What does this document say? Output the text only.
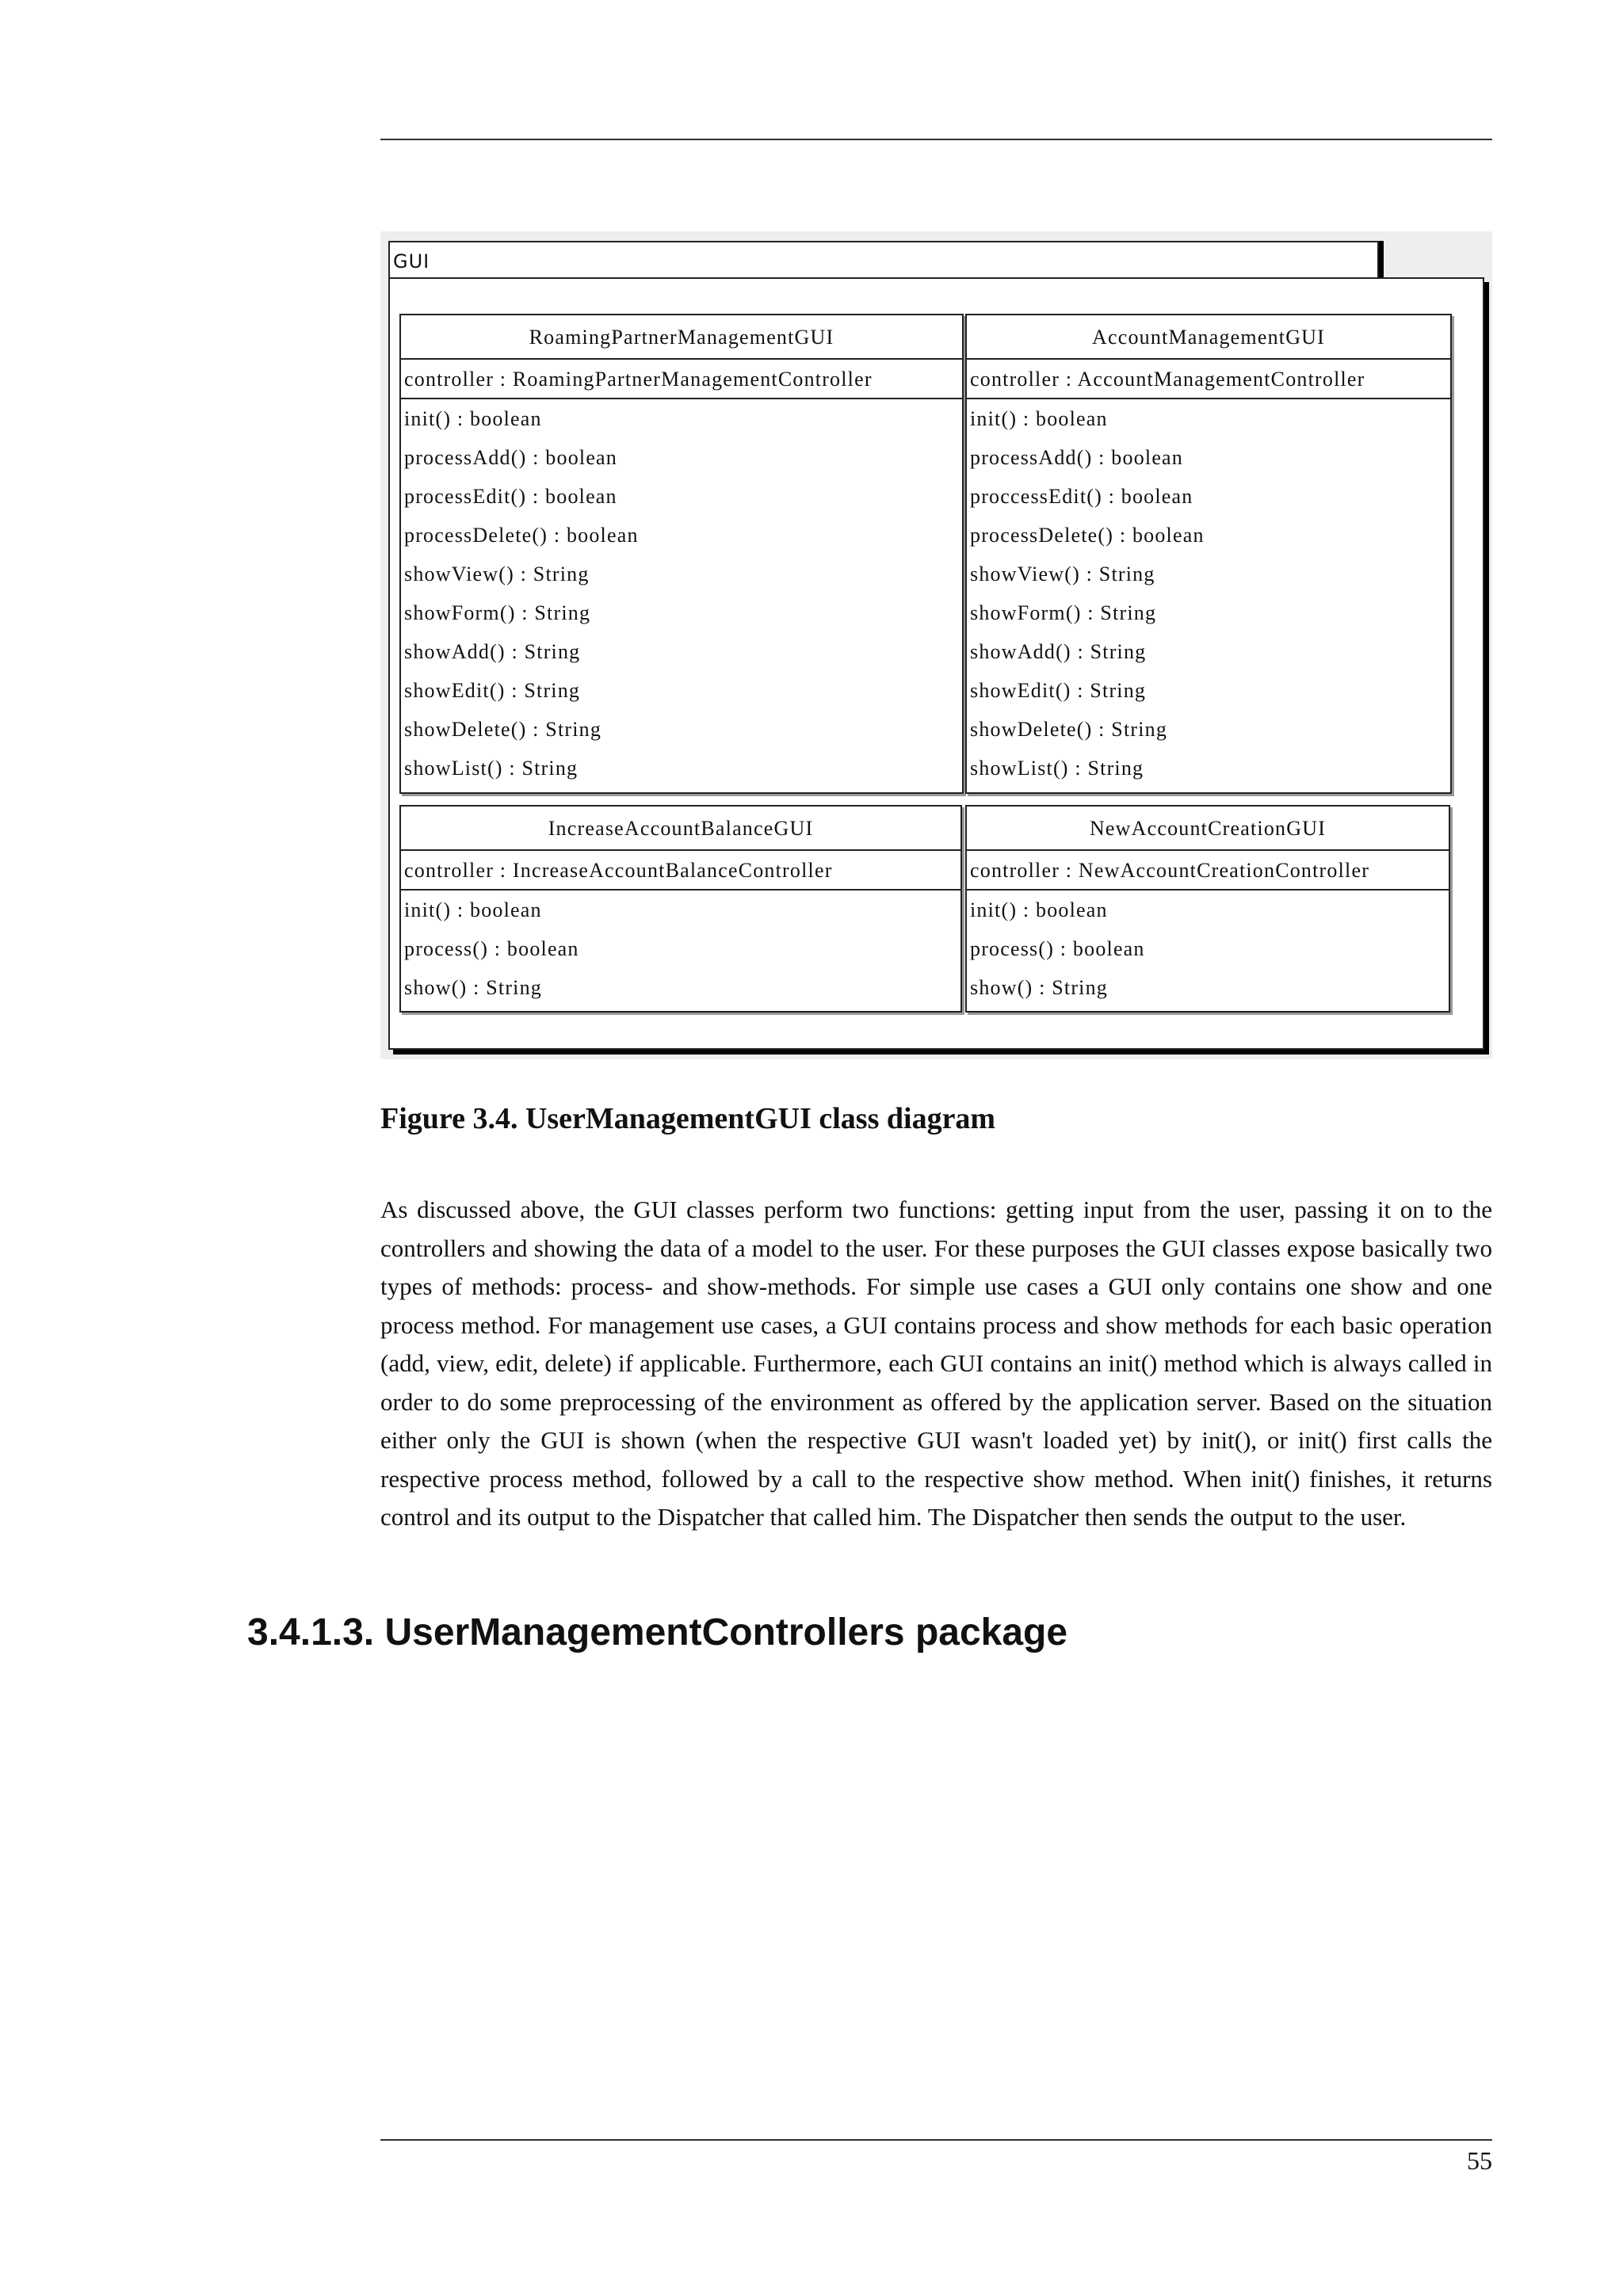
GUI
RoamingPartnerManagementGUI
controller : RoamingPartnerManagementController
init() : boolean
processAdd() : boolean
processEdit() : boolean
processDelete() : boolean
showView() : String
showForm() : String
showAdd() : String
showEdit() : String
showDelete() : String
showList() : String
AccountManagementGUI
controller : AccountManagementController
init() : boolean
processAdd() : boolean
proccessEdit() : boolean
processDelete() : boolean
showView() : String
showForm() : String
showAdd() : String
showEdit() : String
showDelete() : String
showList() : String
IncreaseAccountBalanceGUI
controller : IncreaseAccountBalanceController
init() : boolean
process() : boolean
show() : String
NewAccountCreationGUI
controller : NewAccountCreationController
init() : boolean
process() : boolean
show() : String
Figure 3.4. UserManagementGUI class diagram

As discussed above, the GUI classes perform two functions: getting input from the user, passing it on to the controllers and showing the data of a model to the user. For these purposes the GUI classes expose basically two types of methods: process- and show-methods. For simple use cases a GUI only contains one show and one process method. For management use cases, a GUI contains process and show methods for each basic operation (add, view, edit, delete) if applicable. Furthermore, each GUI contains an init() method which is always called in order to do some preprocessing of the environment as offered by the application server. Based on the situation either only the GUI is shown (when the respective GUI wasn't loaded yet) by init(), or init() first calls the respective process method, followed by a call to the respective show method. When init() finishes, it returns control and its output to the Dispatcher that called him. The Dispatcher then sends the output to the user.

3.4.1.3. UserManagementControllers package
55
